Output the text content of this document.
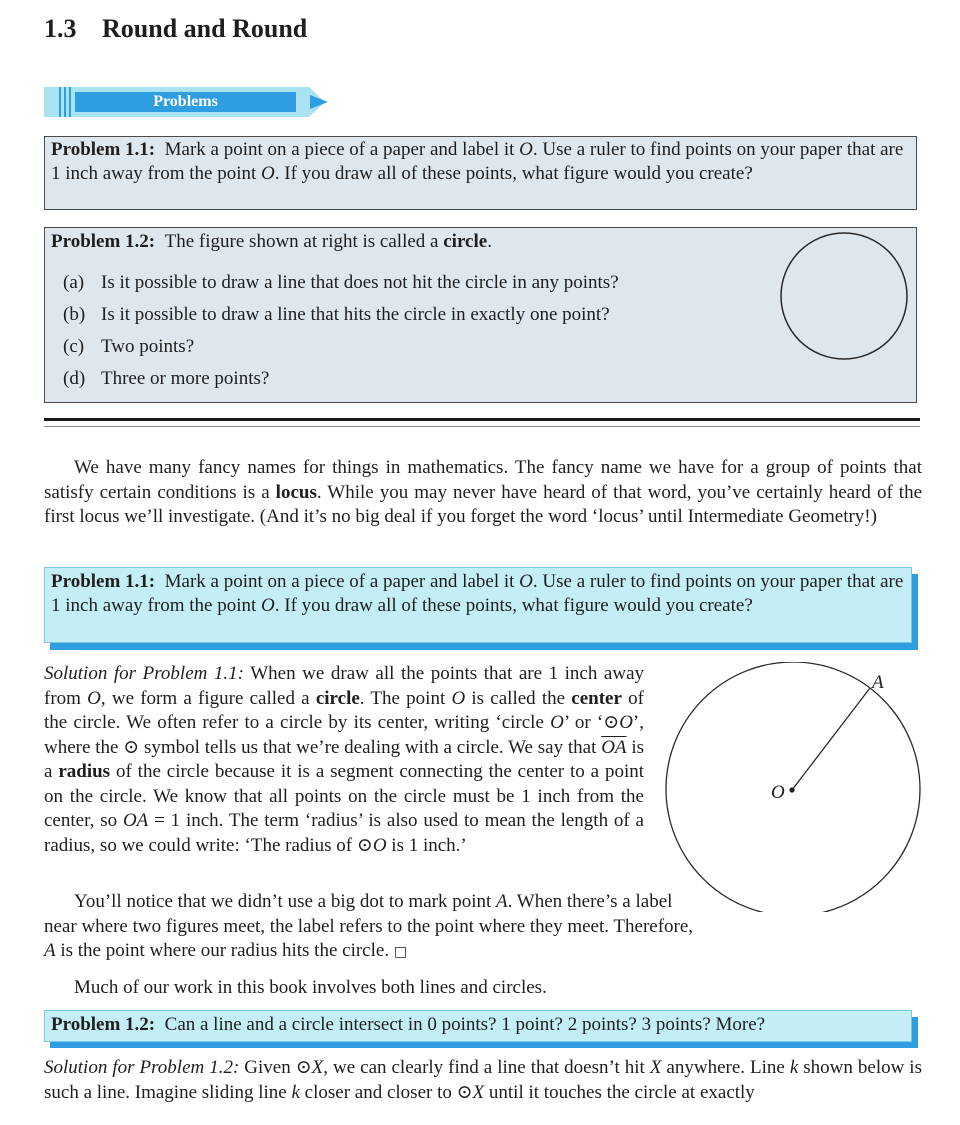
1.3 Round and Round
Problems
Problem 1.1: Mark a point on a piece of a paper and label it O. Use a ruler to find points on your paper that are 1 inch away from the point O. If you draw all of these points, what figure would you create?
Problem 1.2: The figure shown at right is called a circle.
(a) Is it possible to draw a line that does not hit the circle in any points?
(b) Is it possible to draw a line that hits the circle in exactly one point?
(c) Two points?
(d) Three or more points?
We have many fancy names for things in mathematics. The fancy name we have for a group of points that satisfy certain conditions is a locus. While you may never have heard of that word, you’ve certainly heard of the first locus we’ll investigate. (And it’s no big deal if you forget the word ‘locus’ until Intermediate Geometry!)
Problem 1.1: Mark a point on a piece of a paper and label it O. Use a ruler to find points on your paper that are 1 inch away from the point O. If you draw all of these points, what figure would you create?
Solution for Problem 1.1: When we draw all the points that are 1 inch away from O, we form a figure called a circle. The point O is called the center of the circle. We often refer to a circle by its center, writing ‘circle O’ or ‘⊙O’, where the ⊙ symbol tells us that we’re dealing with a circle. We say that $\overline{OA}$ is a radius of the circle because it is a segment connecting the center to a point on the circle. We know that all points on the circle must be 1 inch from the center, so OA = 1 inch. The term ‘radius’ is also used to mean the length of a radius, so we could write: ‘The radius of ⊙O is 1 inch.’
You’ll notice that we didn’t use a big dot to mark point A. When there’s a label near where two figures meet, the label refers to the point where they meet. Therefore, A is the point where our radius hits the circle. □
O
A
Much of our work in this book involves both lines and circles.
Problem 1.2: Can a line and a circle intersect in 0 points? 1 point? 2 points? 3 points? More?
Solution for Problem 1.2: Given ⊙X, we can clearly find a line that doesn’t hit X anywhere. Line k shown below is such a line. Imagine sliding line k closer and closer to ⊙X until it touches the circle at exactly
